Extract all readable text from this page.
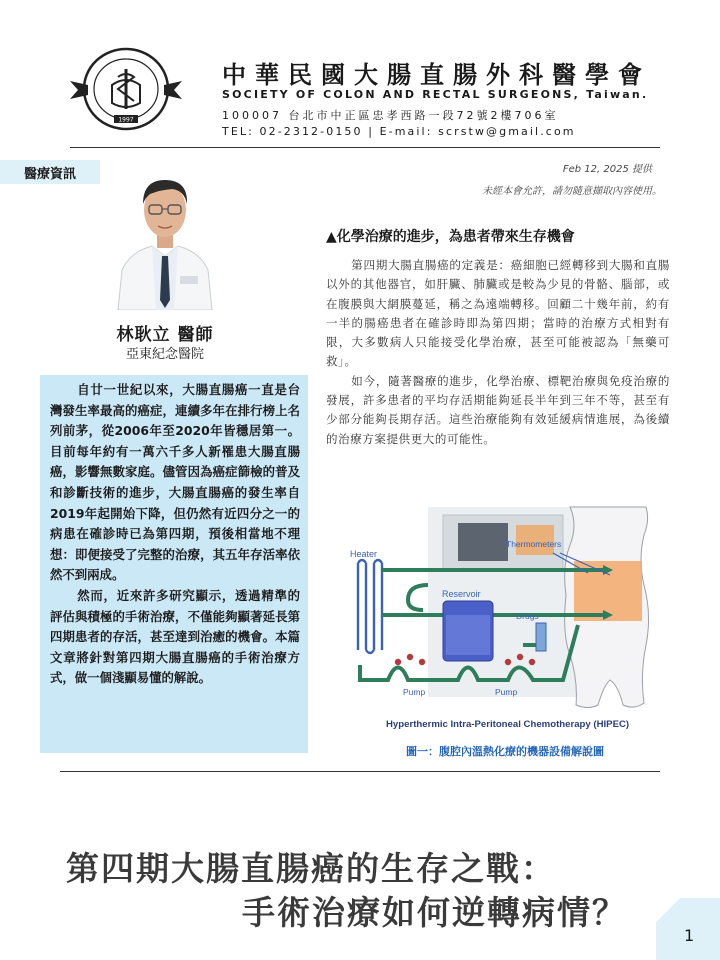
1997
中華民國大腸直腸外科醫學會
SOCIETY OF COLON AND RECTAL SURGEONS, Taiwan.
100007 台北市中正區忠孝西路一段72號2樓706室
TEL: 02-2312-0150 | E-mail: scrstw@gmail.com
醫療資訊	Feb 12, 2025 提供
未經本會允許，請勿隨意擷取內容使用。
林耿立 醫師
亞東紀念醫院

自廿一世紀以來，大腸直腸癌一直是台灣發生率最高的癌症，連續多年在排行榜上名列前茅，從2006年至2020年皆穩居第一。目前每年約有一萬六千多人新罹患大腸直腸癌，影響無數家庭。儘管因為癌症篩檢的普及和診斷技術的進步，大腸直腸癌的發生率自2019年起開始下降，但仍然有近四分之一的病患在確診時已為第四期，預後相當地不理想：即便接受了完整的治療，其五年存活率依然不到兩成。

然而，近來許多研究顯示，透過精準的評估與積極的手術治療，不僅能夠顯著延長第四期患者的存活，甚至達到治癒的機會。本篇文章將針對第四期大腸直腸癌的手術治療方式，做一個淺顯易懂的解說。

▲化學治療的進步，為患者帶來生存機會

第四期大腸直腸癌的定義是：癌細胞已經轉移到大腸和直腸以外的其他器官，如肝臟、肺臟或是較為少見的骨骼、腦部，或在腹膜與大網膜蔓延，稱之為遠端轉移。回顧二十幾年前，約有一半的腸癌患者在確診時即為第四期；當時的治療方式相對有限，大多數病人只能接受化學治療，甚至可能被認為「無藥可救」。

如今，隨著醫療的進步，化學治療、標靶治療與免疫治療的發展，許多患者的平均存活期能夠延長半年到三年不等，甚至有少部分能夠長期存活。這些治療能夠有效延緩病情進展，為後續的治療方案提供更大的可能性。

Heater
Thermometers
Reservoir
Drugs
Pump	Pump
Hyperthermic Intra-Peritoneal Chemotherapy (HIPEC)
圖一：腹腔內溫熱化療的機器設備解說圖
第四期大腸直腸癌的生存之戰：
手術治療如何逆轉病情？
1
